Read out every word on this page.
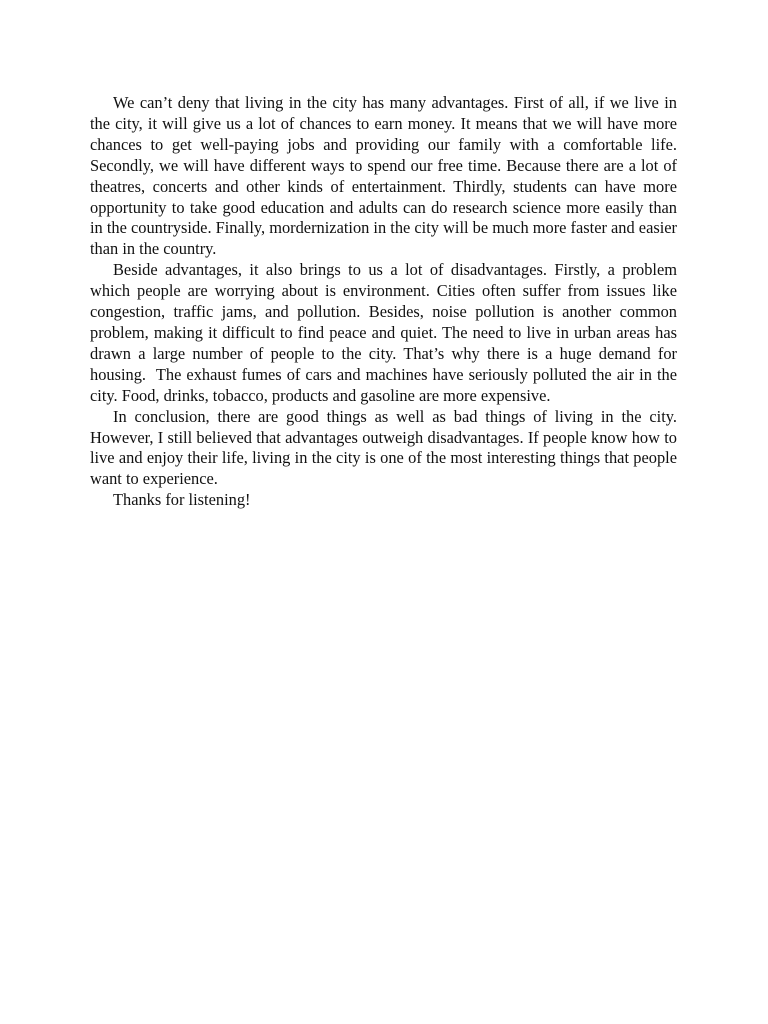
We can’t deny that living in the city has many advantages. First of all, if we live in the city, it will give us a lot of chances to earn money. It means that we will have more chances to get well-paying jobs and providing our family with a comfortable life. Secondly, we will have different ways to spend our free time. Because there are a lot of theatres, concerts and other kinds of entertainment. Thirdly, students can have more opportunity to take good education and adults can do research science more easily than in the countryside. Finally, mordernization in the city will be much more faster and easier than in the country.

Beside advantages, it also brings to us a lot of disadvantages. Firstly, a problem which people are worrying about is environment. Cities often suffer from issues like congestion, traffic jams, and pollution. Besides, noise pollution is another common problem, making it difficult to find peace and quiet. The need to live in urban areas has drawn a large number of people to the city. That’s why there is a huge demand for housing.  The exhaust fumes of cars and machines have seriously polluted the air in the city. Food, drinks, tobacco, products and gasoline are more expensive.

In conclusion, there are good things as well as bad things of living in the city. However, I still believed that advantages outweigh disadvantages. If people know how to live and enjoy their life, living in the city is one of the most interesting things that people want to experience.

Thanks for listening!
